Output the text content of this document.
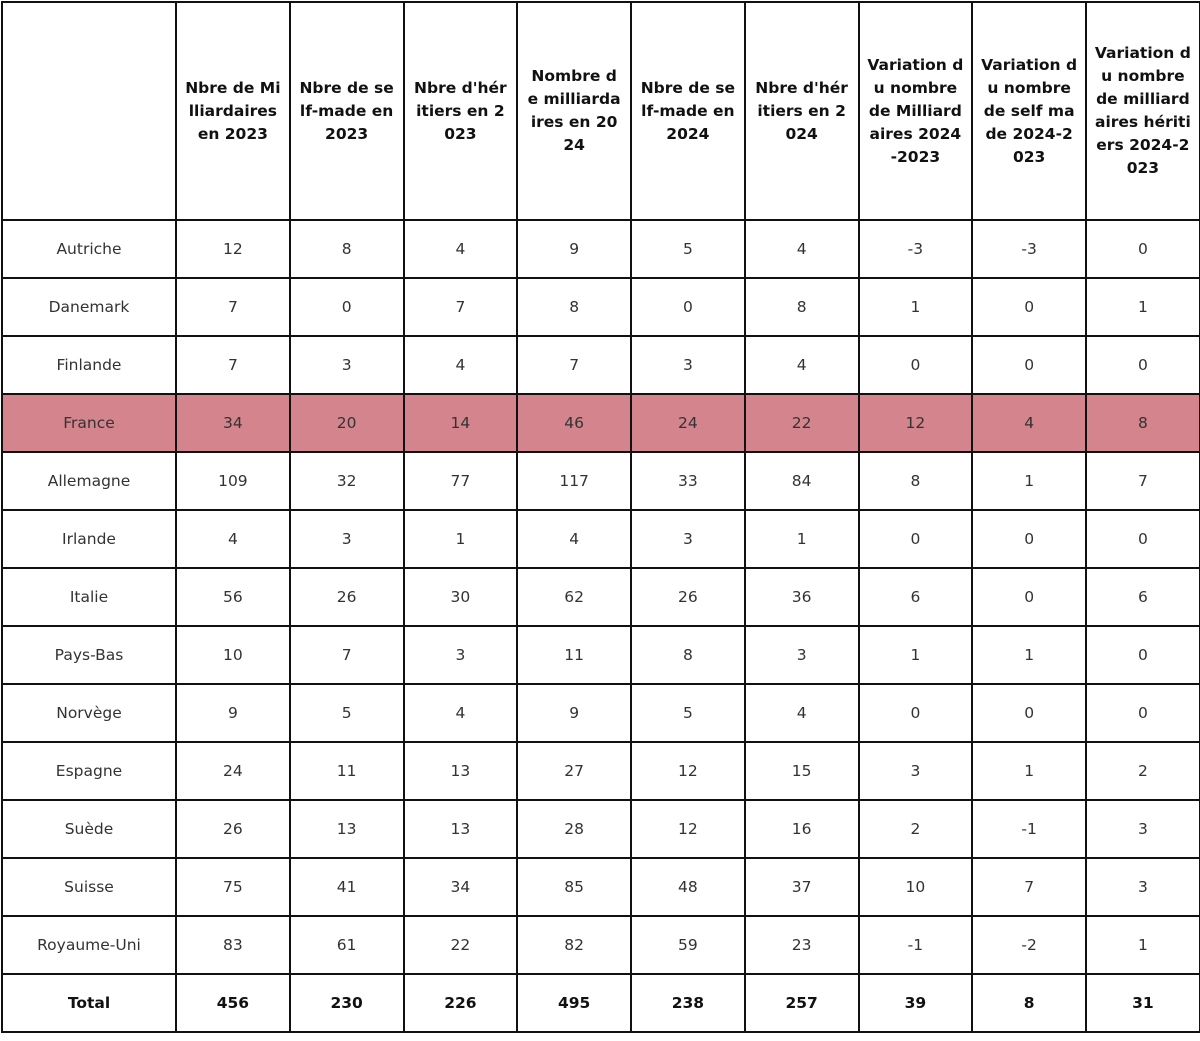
	Nbre de Milliardaires en 2023	Nbre de self-made en 2023	Nbre d'héritiers en 2023	Nombre de milliardaires en 2024	Nbre de self-made en 2024	Nbre d'héritiers en 2024	Variation du nombre de Milliardaires 2024-2023	Variation du nombre de self made 2024-2023	Variation du nombre de milliardaires héritiers 2024-2023
Autriche	12	8	4	9	5	4	-3	-3	0
Danemark	7	0	7	8	0	8	1	0	1
Finlande	7	3	4	7	3	4	0	0	0
France	34	20	14	46	24	22	12	4	8
Allemagne	109	32	77	117	33	84	8	1	7
Irlande	4	3	1	4	3	1	0	0	0
Italie	56	26	30	62	26	36	6	0	6
Pays-Bas	10	7	3	11	8	3	1	1	0
Norvège	9	5	4	9	5	4	0	0	0
Espagne	24	11	13	27	12	15	3	1	2
Suède	26	13	13	28	12	16	2	-1	3
Suisse	75	41	34	85	48	37	10	7	3
Royaume-Uni	83	61	22	82	59	23	-1	-2	1
Total	456	230	226	495	238	257	39	8	31
